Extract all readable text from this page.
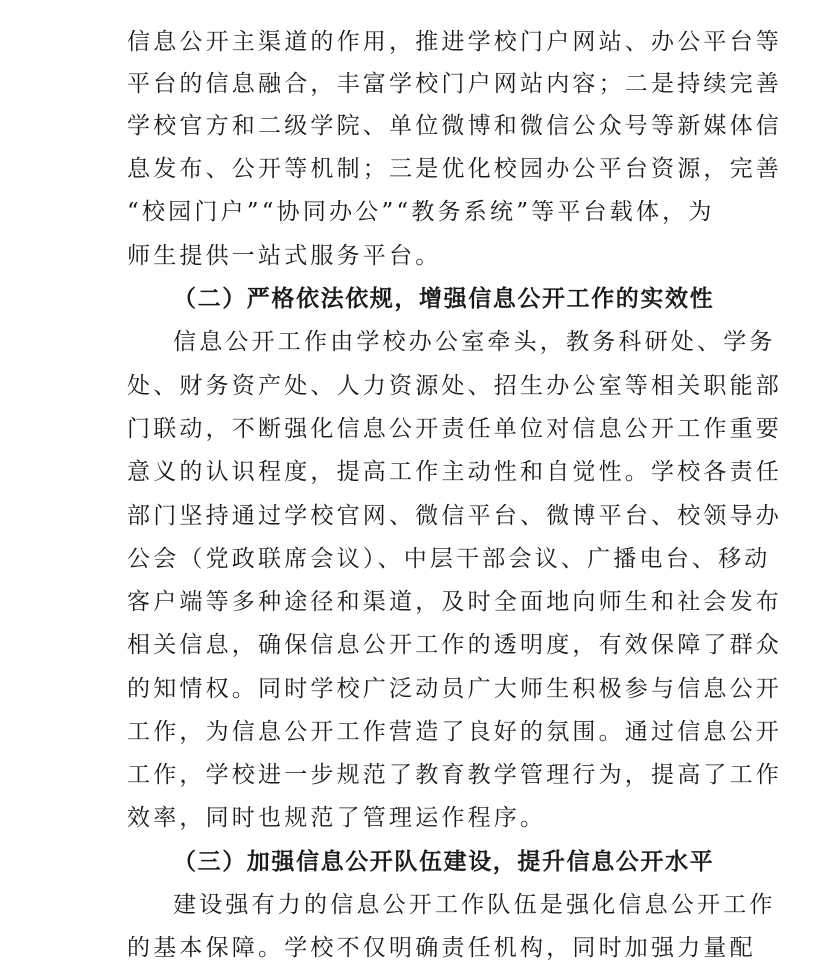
信息公开主渠道的作用，推进学校门户网站、办公平台等
平台的信息融合，丰富学校门户网站内容；二是持续完善
学校官方和二级学院、单位微博和微信公众号等新媒体信
息发布、公开等机制；三是优化校园办公平台资源，完善
“校园门户”“协同办公”“教务系统”等平台载体，为
师生提供一站式服务平台。
（二）严格依法依规，增强信息公开工作的实效性
信息公开工作由学校办公室牵头，教务科研处、学务
处、财务资产处、人力资源处、招生办公室等相关职能部
门联动，不断强化信息公开责任单位对信息公开工作重要
意义的认识程度，提高工作主动性和自觉性。学校各责任
部门坚持通过学校官网、微信平台、微博平台、校领导办
公会（党政联席会议）、中层干部会议、广播电台、移动
客户端等多种途径和渠道，及时全面地向师生和社会发布
相关信息，确保信息公开工作的透明度，有效保障了群众
的知情权。同时学校广泛动员广大师生积极参与信息公开
工作，为信息公开工作营造了良好的氛围。通过信息公开
工作，学校进一步规范了教育教学管理行为，提高了工作
效率，同时也规范了管理运作程序。
（三）加强信息公开队伍建设，提升信息公开水平
建设强有力的信息公开工作队伍是强化信息公开工作
的基本保障。学校不仅明确责任机构，同时加强力量配
